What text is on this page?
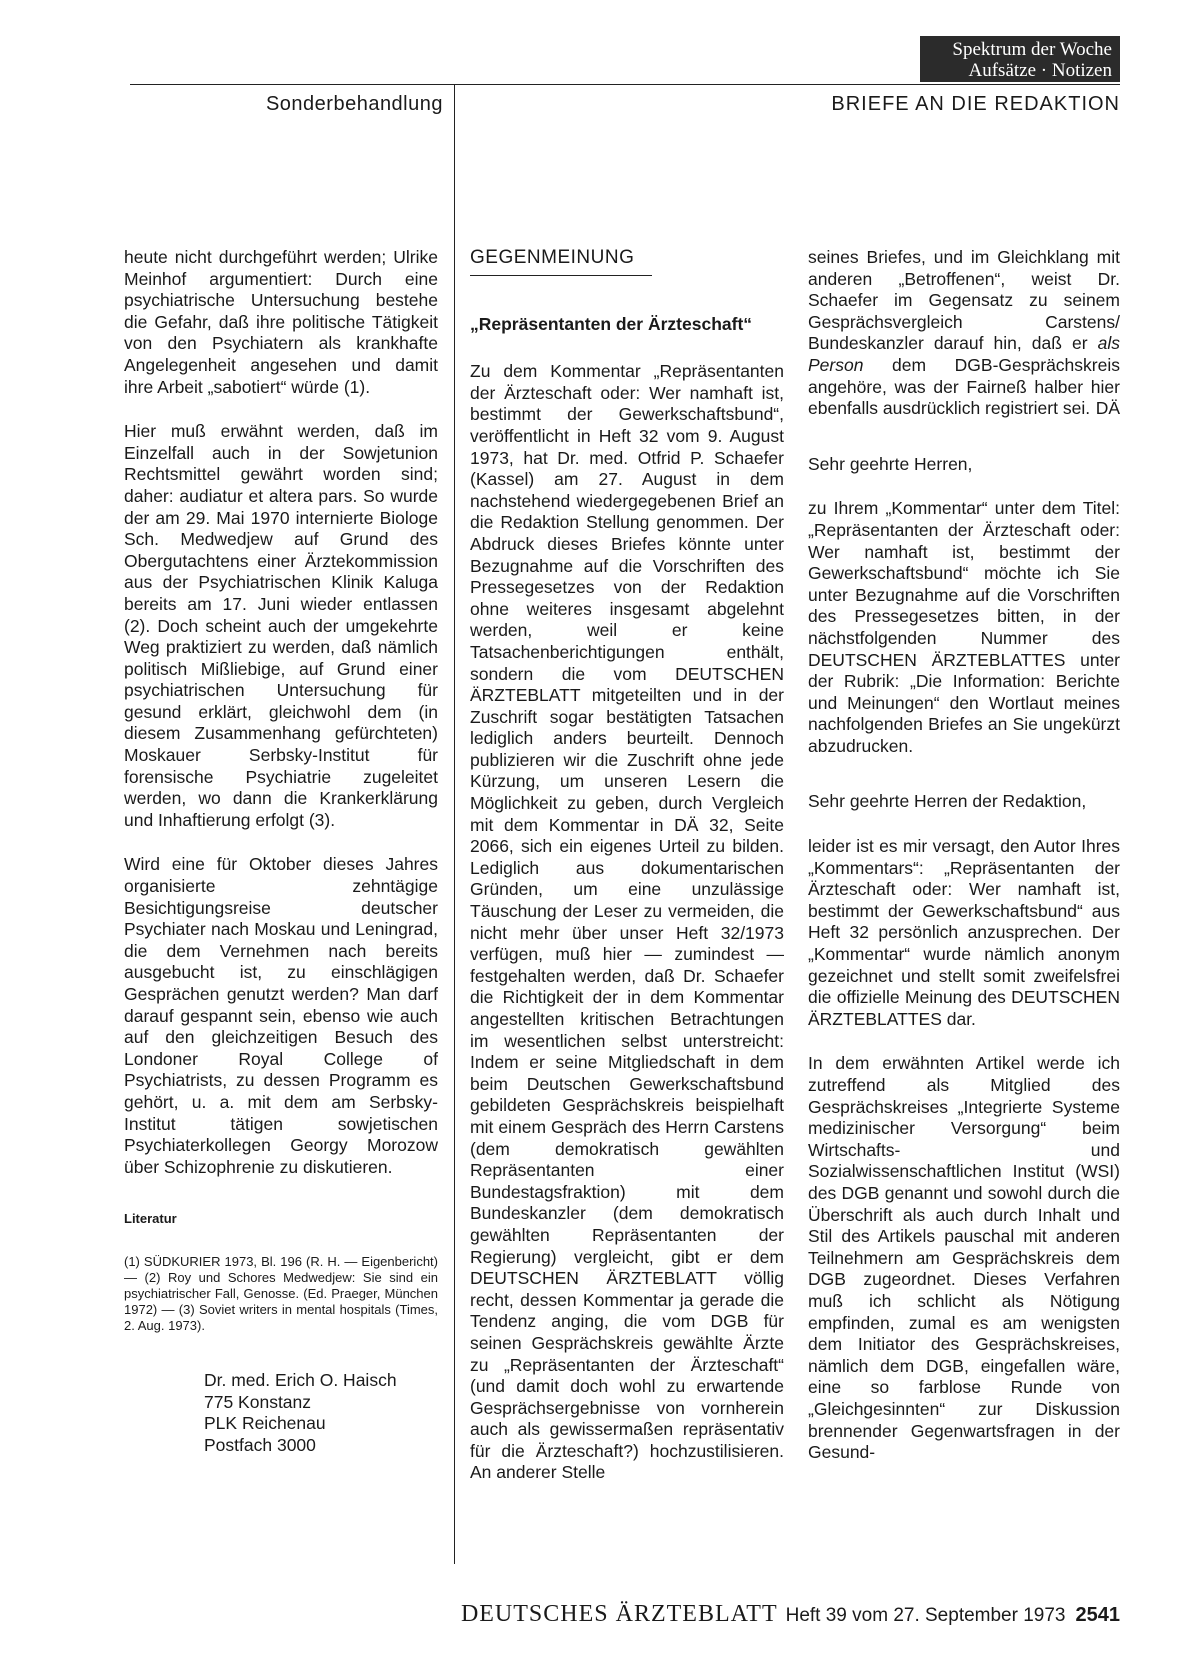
Spektrum der Woche
Aufsätze · Notizen
Sonderbehandlung	BRIEFE AN DIE REDAKTION

heute nicht durchgeführt werden; Ulrike Meinhof argumentiert: Durch eine psychiatrische Untersuchung bestehe die Gefahr, daß ihre politische Tätigkeit von den Psychiatern als krankhafte Angelegenheit angesehen und damit ihre Arbeit „sabotiert“ würde (1).

Hier muß erwähnt werden, daß im Einzelfall auch in der Sowjetunion Rechtsmittel gewährt worden sind; daher: audiatur et altera pars. So wurde der am 29. Mai 1970 internierte Biologe Sch. Medwedjew auf Grund des Obergutachtens einer Ärztekommission aus der Psychiatrischen Klinik Kaluga bereits am 17. Juni wieder entlassen (2). Doch scheint auch der umgekehrte Weg praktiziert zu werden, daß nämlich politisch Mißliebige, auf Grund einer psychiatrischen Untersuchung für gesund erklärt, gleichwohl dem (in diesem Zusammenhang gefürchteten) Moskauer Serbsky-Institut für forensische Psychiatrie zugeleitet werden, wo dann die Krankerklärung und Inhaftierung erfolgt (3).

Wird eine für Oktober dieses Jahres organisierte zehntägige Besichtigungsreise deutscher Psychiater nach Moskau und Leningrad, die dem Vernehmen nach bereits ausgebucht ist, zu einschlägigen Gesprächen genutzt werden? Man darf darauf gespannt sein, ebenso wie auch auf den gleichzeitigen Besuch des Londoner Royal College of Psychiatrists, zu dessen Programm es gehört, u. a. mit dem am Serbsky-Institut tätigen sowjetischen Psychiaterkollegen Georgy Morozow über Schizophrenie zu diskutieren.

Literatur
(1) SÜDKURIER 1973, Bl. 196 (R. H. — Eigenbericht) — (2) Roy und Schores Medwedjew: Sie sind ein psychiatrischer Fall, Genosse. (Ed. Praeger, München 1972) — (3) Soviet writers in mental hospitals (Times, 2. Aug. 1973).
Dr. med. Erich O. Haisch
775 Konstanz
PLK Reichenau
Postfach 3000
GEGENMEINUNG
„Repräsentanten der Ärzteschaft“

Zu dem Kommentar „Repräsentanten der Ärzteschaft oder: Wer namhaft ist, bestimmt der Gewerkschaftsbund“, veröffentlicht in Heft 32 vom 9. August 1973, hat Dr. med. Otfrid P. Schaefer (Kassel) am 27. August in dem nachstehend wiedergegebenen Brief an die Redaktion Stellung genommen. Der Abdruck dieses Briefes könnte unter Bezugnahme auf die Vorschriften des Pressegesetzes von der Redaktion ohne weiteres insgesamt abgelehnt werden, weil er keine Tatsachenberichtigungen enthält, sondern die vom DEUTSCHEN ÄRZTEBLATT mitgeteilten und in der Zuschrift sogar bestätigten Tatsachen lediglich anders beurteilt. Dennoch publizieren wir die Zuschrift ohne jede Kürzung, um unseren Lesern die Möglichkeit zu geben, durch Vergleich mit dem Kommentar in DÄ 32, Seite 2066, sich ein eigenes Urteil zu bilden. Lediglich aus dokumentarischen Gründen, um eine unzulässige Täuschung der Leser zu vermeiden, die nicht mehr über unser Heft 32/1973 verfügen, muß hier — zumindest — festgehalten werden, daß Dr. Schaefer die Richtigkeit der in dem Kommentar angestellten kritischen Betrachtungen im wesentlichen selbst unterstreicht: Indem er seine Mitgliedschaft in dem beim Deutschen Gewerkschaftsbund gebildeten Gesprächskreis beispielhaft mit einem Gespräch des Herrn Carstens (dem demokratisch gewählten Repräsentanten einer Bundestagsfraktion) mit dem Bundeskanzler (dem demokratisch gewählten Repräsentanten der Regierung) vergleicht, gibt er dem DEUTSCHEN ÄRZTEBLATT völlig recht, dessen Kommentar ja gerade die Tendenz anging, die vom DGB für seinen Gesprächskreis gewählte Ärzte zu „Repräsentanten der Ärzteschaft“ (und damit doch wohl zu erwartende Gesprächsergebnisse von vornherein auch als gewissermaßen repräsentativ für die Ärzteschaft?) hochzustilisieren. An anderer Stelle

seines Briefes, und im Gleichklang mit anderen „Betroffenen“, weist Dr. Schaefer im Gegensatz zu seinem Gesprächsvergleich Carstens/ Bundeskanzler darauf hin, daß er als Person dem DGB-Gesprächskreis angehöre, was der Fairneß halber hier ebenfalls ausdrücklich registriert sei. DÄ

Sehr geehrte Herren,

zu Ihrem „Kommentar“ unter dem Titel: „Repräsentanten der Ärzteschaft oder: Wer namhaft ist, bestimmt der Gewerkschaftsbund“ möchte ich Sie unter Bezugnahme auf die Vorschriften des Pressegesetzes bitten, in der nächstfolgenden Nummer des DEUTSCHEN ÄRZTEBLATTES unter der Rubrik: „Die Information: Berichte und Meinungen“ den Wortlaut meines nachfolgenden Briefes an Sie ungekürzt abzudrucken.

Sehr geehrte Herren der Redaktion,

leider ist es mir versagt, den Autor Ihres „Kommentars“: „Repräsentanten der Ärzteschaft oder: Wer namhaft ist, bestimmt der Gewerkschaftsbund“ aus Heft 32 persönlich anzusprechen. Der „Kommentar“ wurde nämlich anonym gezeichnet und stellt somit zweifelsfrei die offizielle Meinung des DEUTSCHEN ÄRZTEBLATTES dar.

In dem erwähnten Artikel werde ich zutreffend als Mitglied des Gesprächskreises „Integrierte Systeme medizinischer Versorgung“ beim Wirtschafts- und Sozialwissenschaftlichen Institut (WSI) des DGB genannt und sowohl durch die Überschrift als auch durch Inhalt und Stil des Artikels pauschal mit anderen Teilnehmern am Gesprächskreis dem DGB zugeordnet. Dieses Verfahren muß ich schlicht als Nötigung empfinden, zumal es am wenigsten dem Initiator des Gesprächskreises, nämlich dem DGB, eingefallen wäre, eine so farblose Runde von „Gleichgesinnten“ zur Diskussion brennender Gegenwartsfragen in der Gesund-

DEUTSCHES ÄRZTEBLATT Heft 39 vom 27. September 1973 2541
